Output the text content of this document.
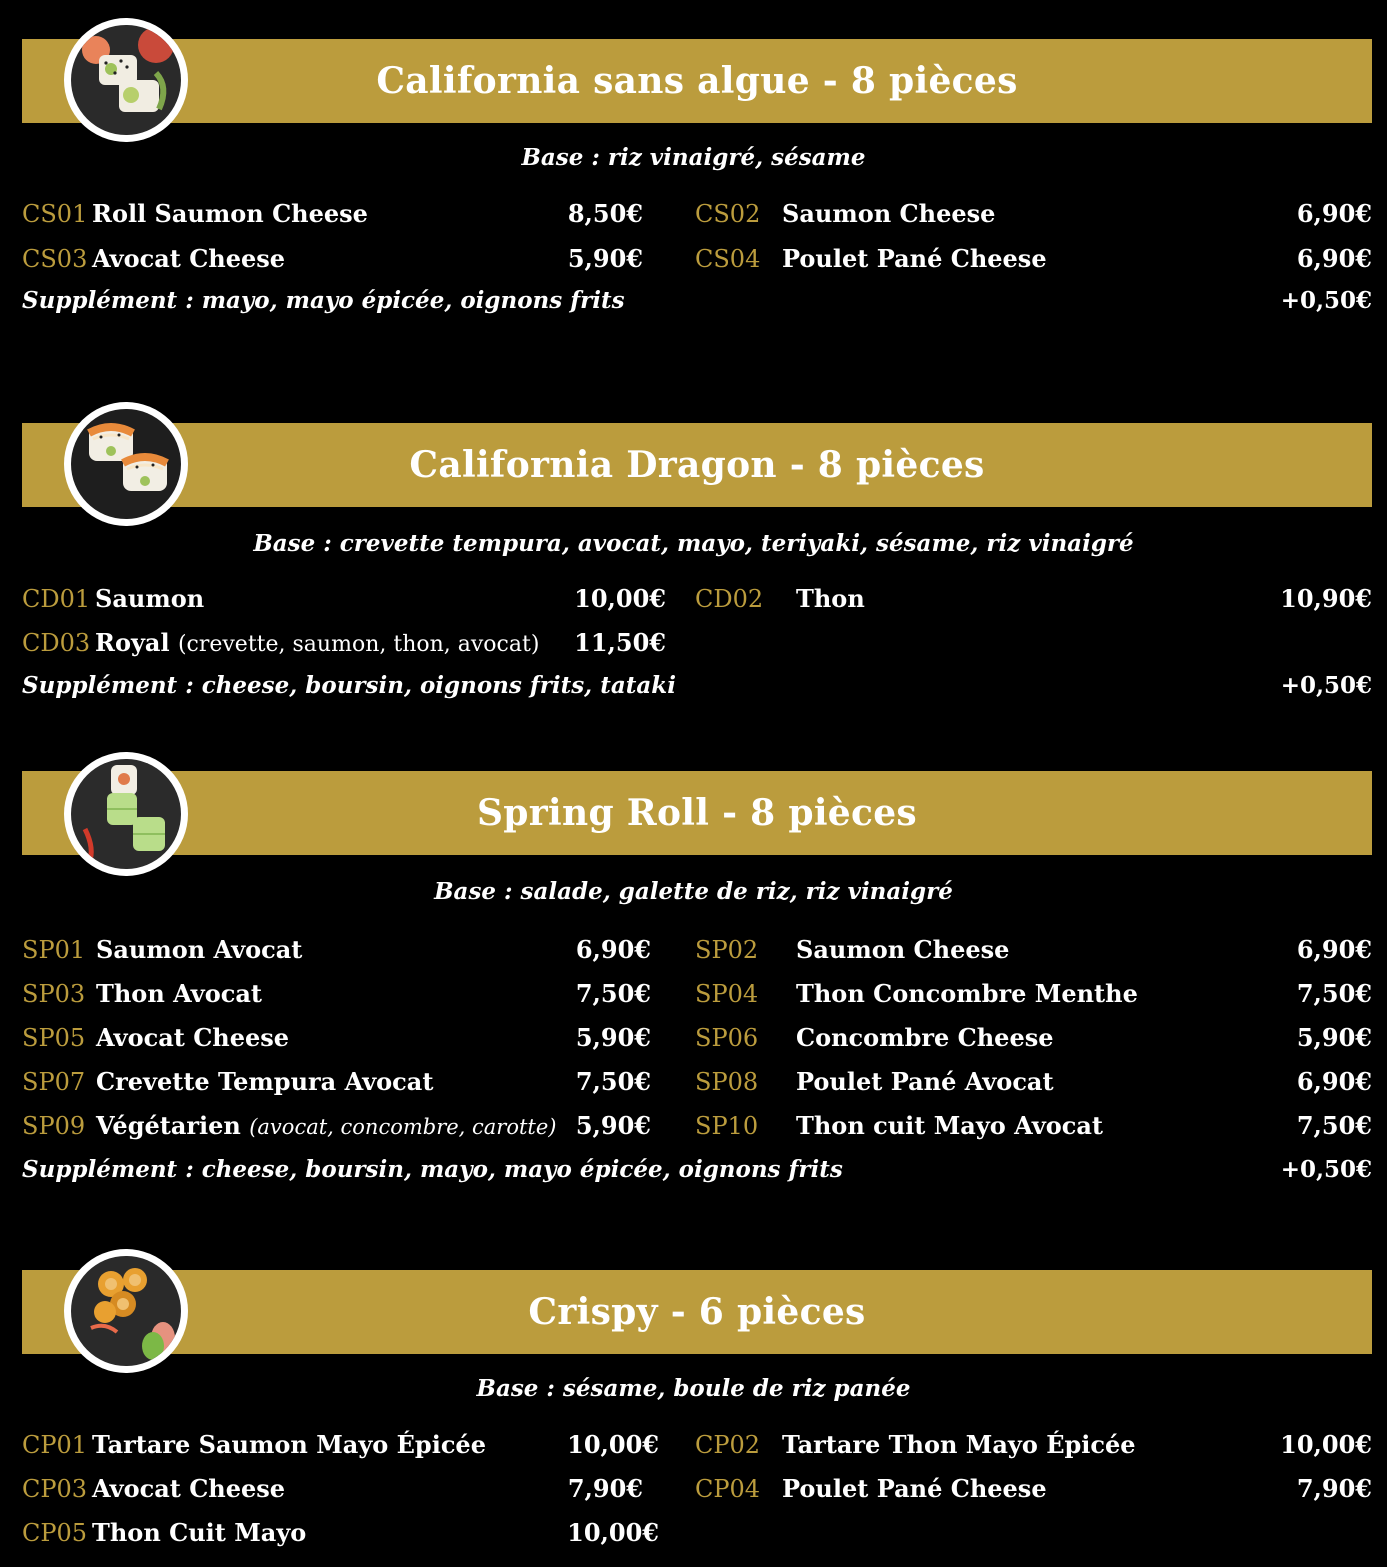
California sans algue - 8 pièces
Base : riz vinaigré, sésame
CS01 Roll Saumon Cheese	8,50€ CS02 Saumon Cheese	6,90€
CS03 Avocat Cheese	5,90€ CS04 Poulet Pané Cheese	6,90€
Supplément : mayo, mayo épicée, oignons frits	+0,50€
California Dragon - 8 pièces
Base : crevette tempura, avocat, mayo, teriyaki, sésame, riz vinaigré
CD01 Saumon	10,00€ CD02 Thon	10,90€
CD03 Royal (crevette, saumon, thon, avocat) 11,50€
Supplément : cheese, boursin, oignons frits, tataki	+0,50€
Spring Roll - 8 pièces
Base : salade, galette de riz, riz vinaigré
SP01 Saumon Avocat	6,90€ SP02 Saumon Cheese	6,90€
SP03 Thon Avocat	7,50€ SP04 Thon Concombre Menthe	7,50€
SP05 Avocat Cheese	5,90€ SP06 Concombre Cheese	5,90€
SP07 Crevette Tempura Avocat	7,50€ SP08 Poulet Pané Avocat	6,90€
SP09 Végétarien (avocat, concombre, carotte) 5,90€ SP10 Thon cuit Mayo Avocat	7,50€
Supplément : cheese, boursin, mayo, mayo épicée, oignons frits	+0,50€
Crispy - 6 pièces
Base : sésame, boule de riz panée
CP01 Tartare Saumon Mayo Épicée	10,00€ CP02 Tartare Thon Mayo Épicée	10,00€
CP03 Avocat Cheese	7,90€ CP04 Poulet Pané Cheese	7,90€
CP05 Thon Cuit Mayo	10,00€
